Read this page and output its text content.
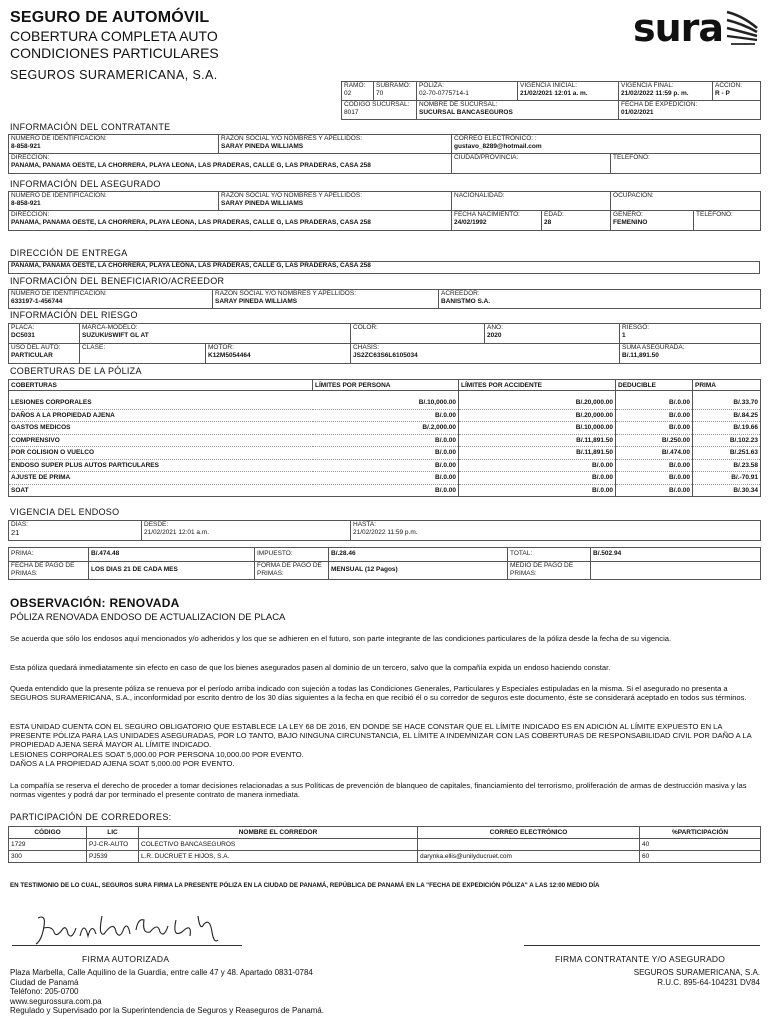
SEGURO DE AUTOMÓVIL
COBERTURA COMPLETA AUTO
CONDICIONES PARTICULARES
SEGUROS SURAMERICANA, S.A.
sura
RAMO:
02	SUBRAMO:
70	PÓLIZA:
02-70-0775714-1	VIGENCIA INICIAL:
21/02/2021 12:01 a. m.	VIGENCIA FINAL:
21/02/2022 11:59 p. m.	ACCIÓN:
R - P

CÓDIGO SUCURSAL:
8017		NOMBRE DE SUCURSAL:
SUCURSAL BANCASEGUROS		FECHA DE EXPEDICIÓN:
01/02/2021	
INFORMACIÓN DEL CONTRATANTE
NÚMERO DE IDENTIFICACIÓN:
8-858-921	RAZÓN SOCIAL Y/O NOMBRES Y APELLIDOS:
SARAY PINEDA WILLIAMS	CORREO ELECTRÓNICO: :
gustavo_8289@hotmail.com	

DIRECCIÓN:
PANAMA, PANAMA OESTE, LA CHORRERA, PLAYA LEONA, LAS PRADERAS, CALLE G, LAS PRADERAS, CASA 258		CIUDAD/PROVINCIA:	TELÉFONO:
INFORMACIÓN DEL ASEGURADO
NÚMERO DE IDENTIFICACIÓN:
8-858-921	RAZÓN SOCIAL Y/O NOMBRES Y APELLIDOS:
SARAY PINEDA WILLIAMS	NACIONALIDAD:		OCUPACIÓN:	

DIRECCIÓN:
PANAMA, PANAMA OESTE, LA CHORRERA, PLAYA LEONA, LAS PRADERAS, CALLE G, LAS PRADERAS, CASA 258		FECHA NACIMIENTO:
24/02/1992	EDAD:
28	GÉNERO:
FEMENINO	TELÉFONO:
DIRECCIÓN DE ENTREGA
PANAMA, PANAMA OESTE, LA CHORRERA, PLAYA LEONA, LAS PRADERAS, CALLE G, LAS PRADERAS, CASA 258
INFORMACIÓN DEL BENEFICIARIO/ACREEDOR
NÚMERO DE IDENTIFICACIÓN:
633197-1-456744

RAZÓN SOCIAL Y/O NOMBRES Y APELLIDOS:
SARAY PINEDA WILLIAMS

ACREEDOR:
BANISTMO S.A.
INFORMACIÓN DEL RIESGO
PLACA:
DC5031	MARCA-MODELO:
SUZUKI/SWIFT GL AT		COLOR:	AÑO:
2020	RIESGO:
1

USO DEL AUTO:
PARTICULAR	CLASE:	MOTOR:
K12M5054464	CHASIS:
JS2ZC63S6L6105034		SUMA ASEGURADA:
B/.11,891.50
COBERTURAS DE LA PÓLIZA
COBERTURAS	LÍMITES POR PERSONA	LÍMITES POR ACCIDENTE	DEDUCIBLE	PRIMA

LESIONES CORPORALES	B/.10,000.00	B/.20,000.00	B/.0.00	B/.33.70
DAÑOS A LA PROPIEDAD AJENA	B/.0.00	B/.20,000.00	B/.0.00	B/.84.25
GASTOS MEDICOS	B/.2,000.00	B/.10,000.00	B/.0.00	B/.19.66
COMPRENSIVO	B/.0.00	B/.11,891.50	B/.250.00	B/.102.23
POR COLISION O VUELCO	B/.0.00	B/.11,891.50	B/.474.00	B/.251.63
ENDOSO SUPER PLUS AUTOS PARTICULARES	B/.0.00	B/.0.00	B/.0.00	B/.23.58
AJUSTE DE PRIMA	B/.0.00	B/.0.00	B/.0.00	B/.-70.91
SOAT	B/.0.00	B/.0.00	B/.0.00	B/.30.34
VIGENCIA DEL ENDOSO
DÍAS:
21

DESDE:
21/02/2021 12:01 a.m.

HASTA:
21/02/2022 11:59 p.m.
PRIMA:	B/.474.48	IMPUESTO:	B/.28.46	TOTAL:	B/.502.94

FECHA DE PAGO DE PRIMAS:	LOS DIAS 21 DE CADA MES	FORMA DE PAGO DE PRIMAS:	MENSUAL (12 Pagos)	MEDIO DE PAGO DE PRIMAS:	

OBSERVACIÓN: RENOVADA
PÓLIZA RENOVADA ENDOSO DE ACTUALIZACION DE PLACA
Se acuerda que sólo los endosos aquí mencionados y/o adheridos y los que se adhieren en el futuro, son parte integrante de las condiciones particulares de la póliza desde la fecha de su vigencia.
Esta póliza quedará inmediatamente sin efecto en caso de que los bienes asegurados pasen al dominio de un tercero, salvo que la compañía expida un endoso haciendo constar.
Queda entendido que la presente póliza se renueva por el período arriba indicado con sujeción a todas las Condiciones Generales, Particulares y Especiales estipuladas en la misma. Si el asegurado no presenta a SEGUROS SURAMERICANA, S.A., inconformidad por escrito dentro de los 30 días siguientes a la fecha en que recibió él o su corredor de seguros este documento, éste se considerará aceptado en todos sus términos.
ESTA UNIDAD CUENTA CON EL SEGURO OBLIGATORIO QUE ESTABLECE LA LEY 68 DE 2016, EN DONDE SE HACE CONSTAR QUE EL LÍMITE INDICADO ES EN ADICIÓN AL LÍMITE EXPUESTO EN LA PRESENTE PÓLIZA PARA LAS UNIDADES ASEGURADAS, POR LO TANTO, BAJO NINGUNA CIRCUNSTANCIA, EL LÍMITE A INDEMNIZAR CON LAS COBERTURAS DE RESPONSABILIDAD CIVIL POR DAÑO A LA PROPIEDAD AJENA SERÁ MAYOR AL LÍMITE INDICADO.
LESIONES CORPORALES SOAT 5,000.00 POR PERSONA 10,000.00 POR EVENTO.
DAÑOS A LA PROPIEDAD AJENA SOAT 5,000.00 POR EVENTO.
La compañía se reserva el derecho de proceder a tomar decisiones relacionadas a sus Políticas de prevención de blanqueo de capitales, financiamiento del terrorismo, proliferación de armas de destrucción masiva y las normas vigentes y podrá dar por terminado el presente contrato de manera inmediata.
PARTICIPACIÓN DE CORREDORES:
CÓDIGO	LIC	NOMBRE EL CORREDOR	CORREO ELECTRÓNICO	%PARTICIPACIÓN
1729	PJ-CR-AUTO	COLECTIVO BANCASEGUROS		40
300	PJ539	L.R. DUCRUET E HIJOS, S.A.	darynka.ellis@unilyducruet.com	60
EN TESTIMONIO DE LO CUAL, SEGUROS SURA FIRMA LA PRESENTE PÓLIZA EN LA CIUDAD DE PANAMÁ, REPÚBLICA DE PANAMÁ EN LA "FECHA DE EXPEDICIÓN PÓLIZA" A LAS 12:00 MEDIO DÍA
FIRMA AUTORIZADA	FIRMA CONTRATANTE Y/O ASEGURADO
Plaza Marbella, Calle Aquilino de la Guardia, entre calle 47 y 48. Apartado 0831-0784
Ciudad de Panamá
Teléfono: 205-0700
www.segurossura.com.pa
Regulado y Supervisado por la Superintendencia de Seguros y Reaseguros de Panamá.
SEGUROS SURAMERICANA, S.A.
R.U.C. 895-64-104231 DV84
